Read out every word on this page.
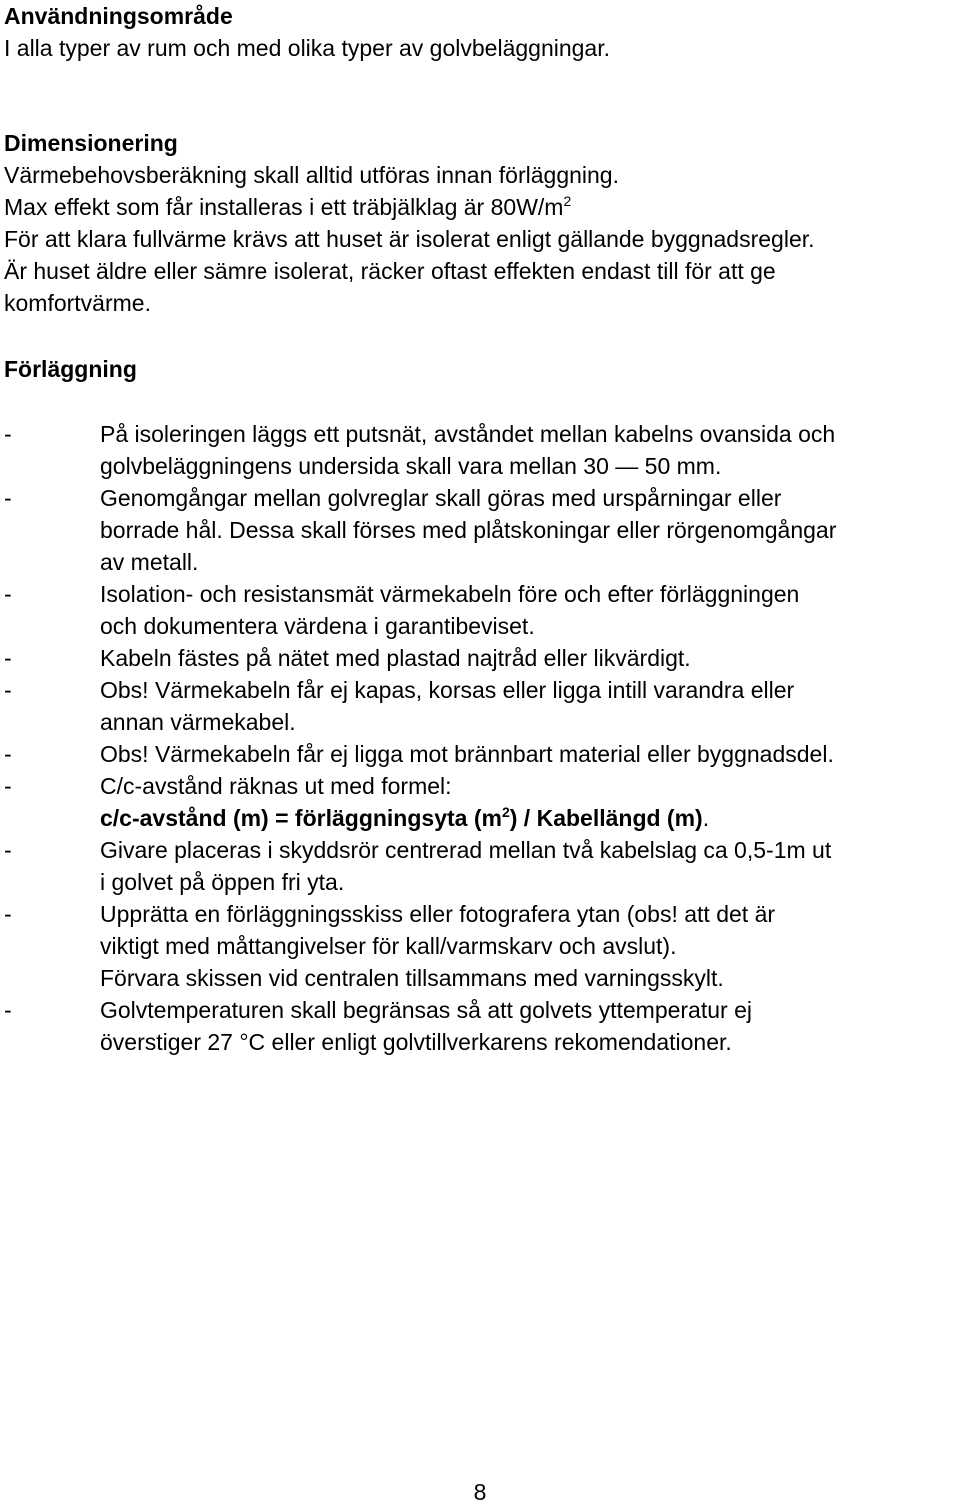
Användningsområde
I alla typer av rum och med olika typer av golvbeläggningar.
Dimensionering
Värmebehovsberäkning skall alltid utföras innan förläggning.
Max effekt som får installeras i ett träbjälklag är $80W/m^2$
För att klara fullvärme krävs att huset är isolerat enligt gällande byggnadsregler.
Är huset äldre eller sämre isolerat, räcker oftast effekten endast till för att ge
komfortvärme.
Förläggning
-	På isoleringen läggs ett putsnät, avståndet mellan kabelns ovansida och
golvbeläggningens undersida skall vara mellan 30 — 50 mm.
-	Genomgångar mellan golvreglar skall göras med urspårningar eller
borrade hål. Dessa skall förses med plåtskoningar eller rörgenomgångar
av metall.
-	Isolation- och resistansmät värmekabeln före och efter förläggningen
och dokumentera värdena i garantibeviset.
-	Kabeln fästes på nätet med plastad najtråd eller likvärdigt.
-	Obs! Värmekabeln får ej kapas, korsas eller ligga intill varandra eller
annan värmekabel.
-	Obs! Värmekabeln får ej ligga mot brännbart material eller byggnadsdel.
-	C/c-avstånd räknas ut med formel:
c/c-avstånd (m) = förläggningsyta $(m^2)$ / Kabellängd (m).
-	Givare placeras i skyddsrör centrerad mellan två kabelslag ca 0,5-1m ut
i golvet på öppen fri yta.
-	Upprätta en förläggningsskiss eller fotografera ytan (obs! att det är
viktigt med måttangivelser för kall/varmskarv och avslut).
Förvara skissen vid centralen tillsammans med varningsskylt.
-	Golvtemperaturen skall begränsas så att golvets yttemperatur ej
överstiger 27 °C eller enligt golvtillverkarens rekomendationer.
8
